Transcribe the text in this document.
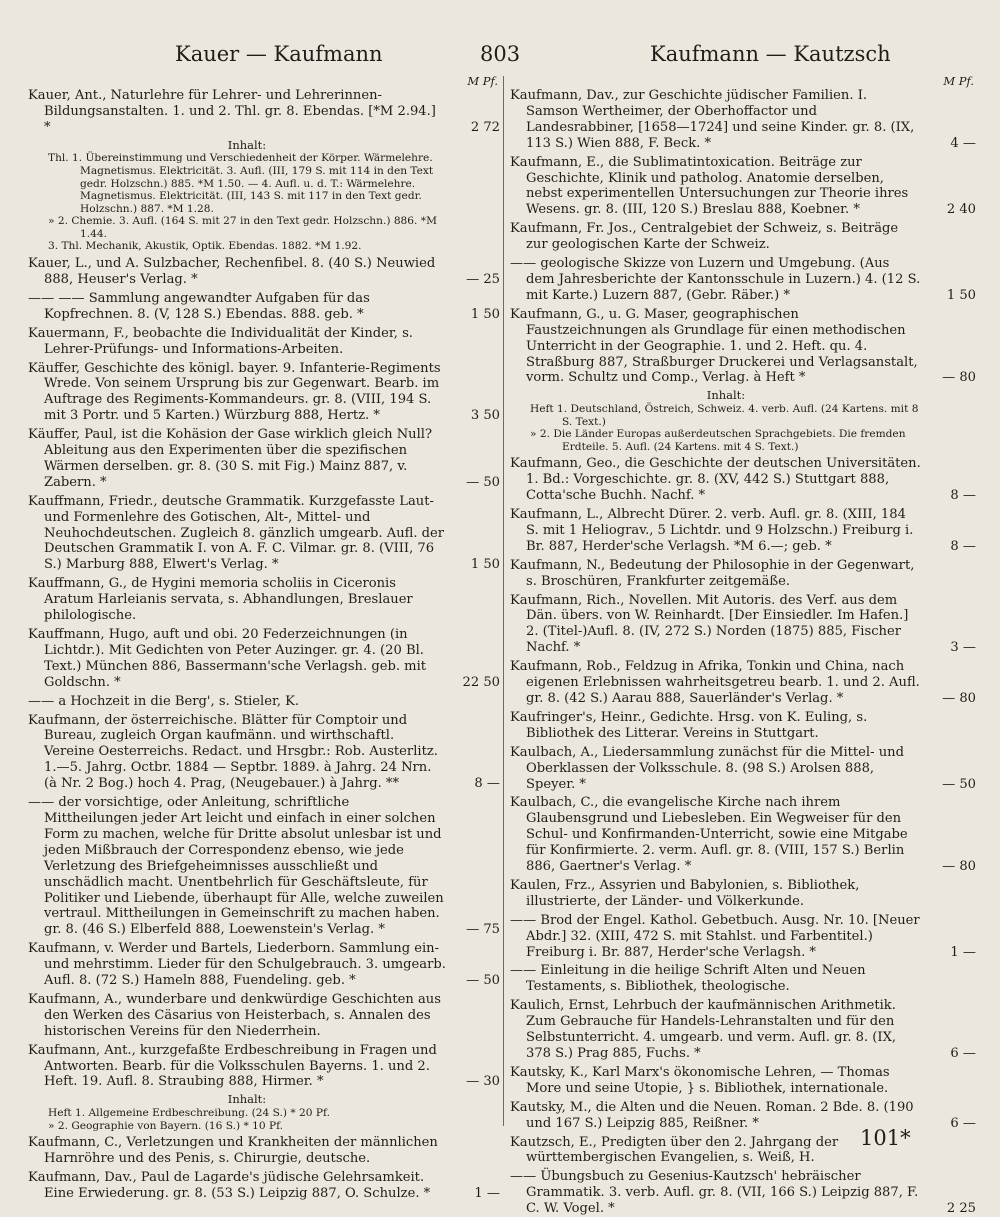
Kauer — Kaufmann	803	Kaufmann — Kautzsch
M Pf.
Kauer, Ant., Naturlehre für Lehrer- und Lehrerinnen-Bildungsanstalten. 1. und 2. Thl. gr. 8. Ebendas. [*M 2.94.] *	2 72
Inhalt:
Thl. 1. Übereinstimmung und Verschiedenheit der Körper. Wärmelehre. Magnetismus. Elektricität. 3. Aufl. (III, 179 S. mit 114 in den Text gedr. Holzschn.) 885. *M 1.50. — 4. Aufl. u. d. T.: Wärmelehre. Magnetismus. Elektricität. (III, 143 S. mit 117 in den Text gedr. Holzschn.) 887. *M 1.28.
» 2. Chemie. 3. Aufl. (164 S. mit 27 in den Text gedr. Holzschn.) 886. *M 1.44.
3. Thl. Mechanik, Akustik, Optik. Ebendas. 1882. *M 1.92.
Kauer, L., und A. Sulzbacher, Rechenfibel. 8. (40 S.) Neuwied 888, Heuser's Verlag. *	— 25
—— —— Sammlung angewandter Aufgaben für das Kopfrechnen. 8. (V, 128 S.) Ebendas. 888. geb. *	1 50
Kauermann, F., beobachte die Individualität der Kinder, s. Lehrer-Prüfungs- und Informations-Arbeiten.
Käuffer, Geschichte des königl. bayer. 9. Infanterie-Regiments Wrede. Von seinem Ursprung bis zur Gegenwart. Bearb. im Auftrage des Regiments-Kommandeurs. gr. 8. (VIII, 194 S. mit 3 Portr. und 5 Karten.) Würzburg 888, Hertz. *	3 50
Käuffer, Paul, ist die Kohäsion der Gase wirklich gleich Null? Ableitung aus den Experimenten über die spezifischen Wärmen derselben. gr. 8. (30 S. mit Fig.) Mainz 887, v. Zabern. *	— 50
Kauffmann, Friedr., deutsche Grammatik. Kurzgefasste Laut- und Formenlehre des Gotischen, Alt-, Mittel- und Neuhochdeutschen. Zugleich 8. gänzlich umgearb. Aufl. der Deutschen Grammatik I. von A. F. C. Vilmar. gr. 8. (VIII, 76 S.) Marburg 888, Elwert's Verlag. *	1 50
Kauffmann, G., de Hygini memoria scholiis in Ciceronis Aratum Harleianis servata, s. Abhandlungen, Breslauer philologische.
Kauffmann, Hugo, auft und obi. 20 Federzeichnungen (in Lichtdr.). Mit Gedichten von Peter Auzinger. gr. 4. (20 Bl. Text.) München 886, Bassermann'sche Verlagsh. geb. mit Goldschn. *	22 50
—— a Hochzeit in die Berg', s. Stieler, K.
Kaufmann, der österreichische. Blätter für Comptoir und Bureau, zugleich Organ kaufmänn. und wirthschaftl. Vereine Oesterreichs. Redact. und Hrsgbr.: Rob. Austerlitz. 1.—5. Jahrg. Octbr. 1884 — Septbr. 1889. à Jahrg. 24 Nrn. (à Nr. 2 Bog.) hoch 4. Prag, (Neugebauer.) à Jahrg. **	8 —
—— der vorsichtige, oder Anleitung, schriftliche Mittheilungen jeder Art leicht und einfach in einer solchen Form zu machen, welche für Dritte absolut unlesbar ist und jeden Mißbrauch der Correspondenz ebenso, wie jede Verletzung des Briefgeheimnisses ausschließt und unschädlich macht. Unentbehrlich für Geschäftsleute, für Politiker und Liebende, überhaupt für Alle, welche zuweilen vertraul. Mittheilungen in Gemeinschrift zu machen haben. gr. 8. (46 S.) Elberfeld 888, Loewenstein's Verlag. *	— 75
Kaufmann, v. Werder und Bartels, Liederborn. Sammlung ein- und mehrstimm. Lieder für den Schulgebrauch. 3. umgearb. Aufl. 8. (72 S.) Hameln 888, Fuendeling. geb. *	— 50
Kaufmann, A., wunderbare und denkwürdige Geschichten aus den Werken des Cäsarius von Heisterbach, s. Annalen des historischen Vereins für den Niederrhein.
Kaufmann, Ant., kurzgefaßte Erdbeschreibung in Fragen und Antworten. Bearb. für die Volksschulen Bayerns. 1. und 2. Heft. 19. Aufl. 8. Straubing 888, Hirmer. *	— 30
Inhalt:
Heft 1. Allgemeine Erdbeschreibung. (24 S.) * 20 Pf.
» 2. Geographie von Bayern. (16 S.) * 10 Pf.
Kaufmann, C., Verletzungen und Krankheiten der männlichen Harnröhre und des Penis, s. Chirurgie, deutsche.
Kaufmann, Dav., Paul de Lagarde's jüdische Gelehrsamkeit. Eine Erwiederung. gr. 8. (53 S.) Leipzig 887, O. Schulze. *	1 —
M Pf.
Kaufmann, Dav., zur Geschichte jüdischer Familien. I. Samson Wertheimer, der Oberhoffactor und Landesrabbiner, [1658—1724] und seine Kinder. gr. 8. (IX, 113 S.) Wien 888, F. Beck. *	4 —
Kaufmann, E., die Sublimatintoxication. Beiträge zur Geschichte, Klinik und patholog. Anatomie derselben, nebst experimentellen Untersuchungen zur Theorie ihres Wesens. gr. 8. (III, 120 S.) Breslau 888, Koebner. *	2 40
Kaufmann, Fr. Jos., Centralgebiet der Schweiz, s. Beiträge zur geologischen Karte der Schweiz.
—— geologische Skizze von Luzern und Umgebung. (Aus dem Jahresberichte der Kantonsschule in Luzern.) 4. (12 S. mit Karte.) Luzern 887, (Gebr. Räber.) *	1 50
Kaufmann, G., u. G. Maser, geographischen Faustzeichnungen als Grundlage für einen methodischen Unterricht in der Geographie. 1. und 2. Heft. qu. 4. Straßburg 887, Straßburger Druckerei und Verlagsanstalt, vorm. Schultz und Comp., Verlag. à Heft *	— 80
Inhalt:
Heft 1. Deutschland, Östreich, Schweiz. 4. verb. Aufl. (24 Kartens. mit 8 S. Text.)
» 2. Die Länder Europas außerdeutschen Sprachgebiets. Die fremden Erdteile. 5. Aufl. (24 Kartens. mit 4 S. Text.)
Kaufmann, Geo., die Geschichte der deutschen Universitäten. 1. Bd.: Vorgeschichte. gr. 8. (XV, 442 S.) Stuttgart 888, Cotta'sche Buchh. Nachf. *	8 —
Kaufmann, L., Albrecht Dürer. 2. verb. Aufl. gr. 8. (XIII, 184 S. mit 1 Heliograv., 5 Lichtdr. und 9 Holzschn.) Freiburg i. Br. 887, Herder'sche Verlagsh. *M 6.—; geb. *	8 —
Kaufmann, N., Bedeutung der Philosophie in der Gegenwart, s. Broschüren, Frankfurter zeitgemäße.
Kaufmann, Rich., Novellen. Mit Autoris. des Verf. aus dem Dän. übers. von W. Reinhardt. [Der Einsiedler. Im Hafen.] 2. (Titel-)Aufl. 8. (IV, 272 S.) Norden (1875) 885, Fischer Nachf. *	3 —
Kaufmann, Rob., Feldzug in Afrika, Tonkin und China, nach eigenen Erlebnissen wahrheitsgetreu bearb. 1. und 2. Aufl. gr. 8. (42 S.) Aarau 888, Sauerländer's Verlag. *	— 80
Kaufringer's, Heinr., Gedichte. Hrsg. von K. Euling, s. Bibliothek des Litterar. Vereins in Stuttgart.
Kaulbach, A., Liedersammlung zunächst für die Mittel- und Oberklassen der Volksschule. 8. (98 S.) Arolsen 888, Speyer. *	— 50
Kaulbach, C., die evangelische Kirche nach ihrem Glaubensgrund und Liebesleben. Ein Wegweiser für den Schul- und Konfirmanden-Unterricht, sowie eine Mitgabe für Konfirmierte. 2. verm. Aufl. gr. 8. (VIII, 157 S.) Berlin 886, Gaertner's Verlag. *	— 80
Kaulen, Frz., Assyrien und Babylonien, s. Bibliothek, illustrierte, der Länder- und Völkerkunde.
—— Brod der Engel. Kathol. Gebetbuch. Ausg. Nr. 10. [Neuer Abdr.] 32. (XIII, 472 S. mit Stahlst. und Farbentitel.) Freiburg i. Br. 887, Herder'sche Verlagsh. *	1 —
—— Einleitung in die heilige Schrift Alten und Neuen Testaments, s. Bibliothek, theologische.
Kaulich, Ernst, Lehrbuch der kaufmännischen Arithmetik. Zum Gebrauche für Handels-Lehranstalten und für den Selbstunterricht. 4. umgearb. und verm. Aufl. gr. 8. (IX, 378 S.) Prag 885, Fuchs. *	6 —
Kautsky, K., Karl Marx's ökonomische Lehren, — Thomas More und seine Utopie, } s. Bibliothek, internationale.
Kautsky, M., die Alten und die Neuen. Roman. 2 Bde. 8. (190 und 167 S.) Leipzig 885, Reißner. *	6 —
Kautzsch, E., Predigten über den 2. Jahrgang der württembergischen Evangelien, s. Weiß, H.
—— Übungsbuch zu Gesenius-Kautzsch' hebräischer Grammatik. 3. verb. Aufl. gr. 8. (VII, 166 S.) Leipzig 887, F. C. W. Vogel. *	2 25
101*
